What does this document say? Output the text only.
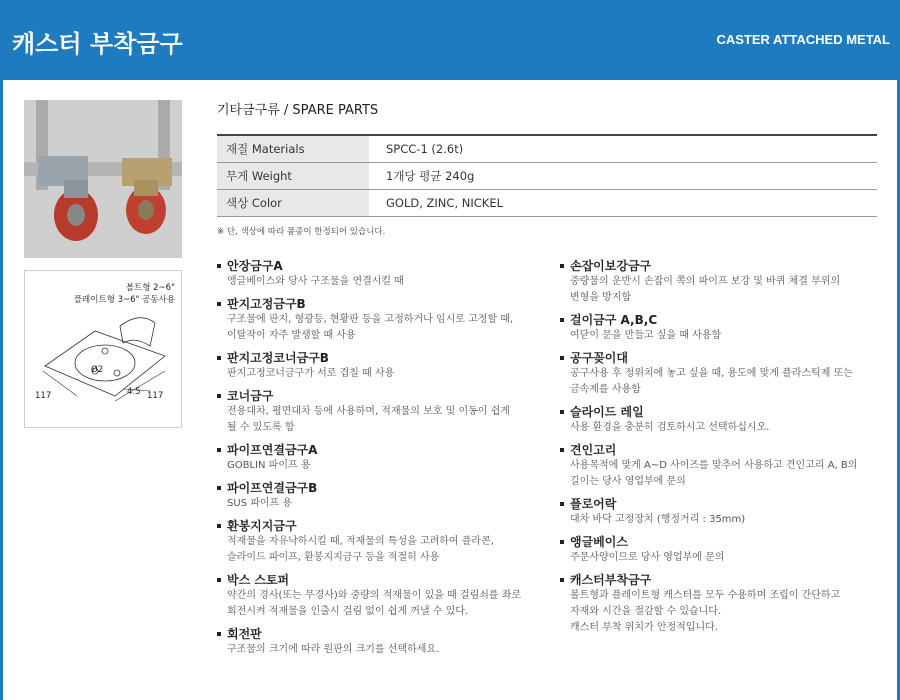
캐스터 부착금구	CASTER ATTACHED METAL
볼트형 2~6"
플레이트형 3~6" 공동사용
117	117
4.5
Ø2
기타금구류 / SPARE PARTS
재질 Materials	SPCC-1 (2.6t)
무게 Weight	1개당 평균 240g
색상 Color	GOLD, ZINC, NICKEL
※ 단, 색상에 따라 품종이 한정되어 있습니다.
안장금구A
앵글베이스와 당사 구조물을 연결시킬 때
판지고정금구B
구조물에 판지, 형광등, 현황판 등을 고정하거나 임시로 고정할 때,
이탈작이 자주 발생할 때 사용
판지고정코너금구B
판지고정코너금구가 서로 겹칠 때 사용
코너금구
전용대차, 평면대차 등에 사용하며, 적재물의 보호 및 이동이 쉽게
될 수 있도록 함
파이프연결금구A
GOBLIN 파이프 용
파이프연결금구B
SUS 파이프 용
환봉지지금구
적재물을 자유낙하시킬 때, 적재물의 특성을 고려하여 플라콘,
슬라이드 파이프, 환봉지지금구 등을 적절히 사용
박스 스토퍼
약간의 경사(또는 무경사)와 중량의 적재물이 있을 때 걸림쇠를 좌로
회전시켜 적재물을 인출시 걸림 없이 쉽게 꺼낼 수 있다.
회전판
구조물의 크기에 따라 원판의 크기를 선택하세요.
손잡이보강금구
중량물의 운반시 손잡이 쪽의 파이프 보강 및 바퀴 체결 부위의
변형을 방지함
걸이금구 A,B,C
여닫이 문을 만들고 싶을 때 사용함
공구꽂이대
공구사용 후 정위치에 놓고 싶을 때, 용도에 맞게 플라스틱제 또는
금속제를 사용함
슬라이드 레일
사용 환경을 충분히 검토하시고 선택하십시오.
견인고리
사용목적에 맞게 A~D 사이즈를 맞추어 사용하고 견인고리 A, B의
길이는 당사 영업부에 문의
플로어락
대차 바닥 고정장치 (행정거리 : 35mm)
앵글베이스
주문사양이므로 당사 영업부에 문의
캐스터부착금구
볼트형과 플레이트형 캐스터를 모두 수용하며 조립이 간단하고
자재와 시간을 절감할 수 있습니다.
캐스터 부착 위치가 안정적입니다.
